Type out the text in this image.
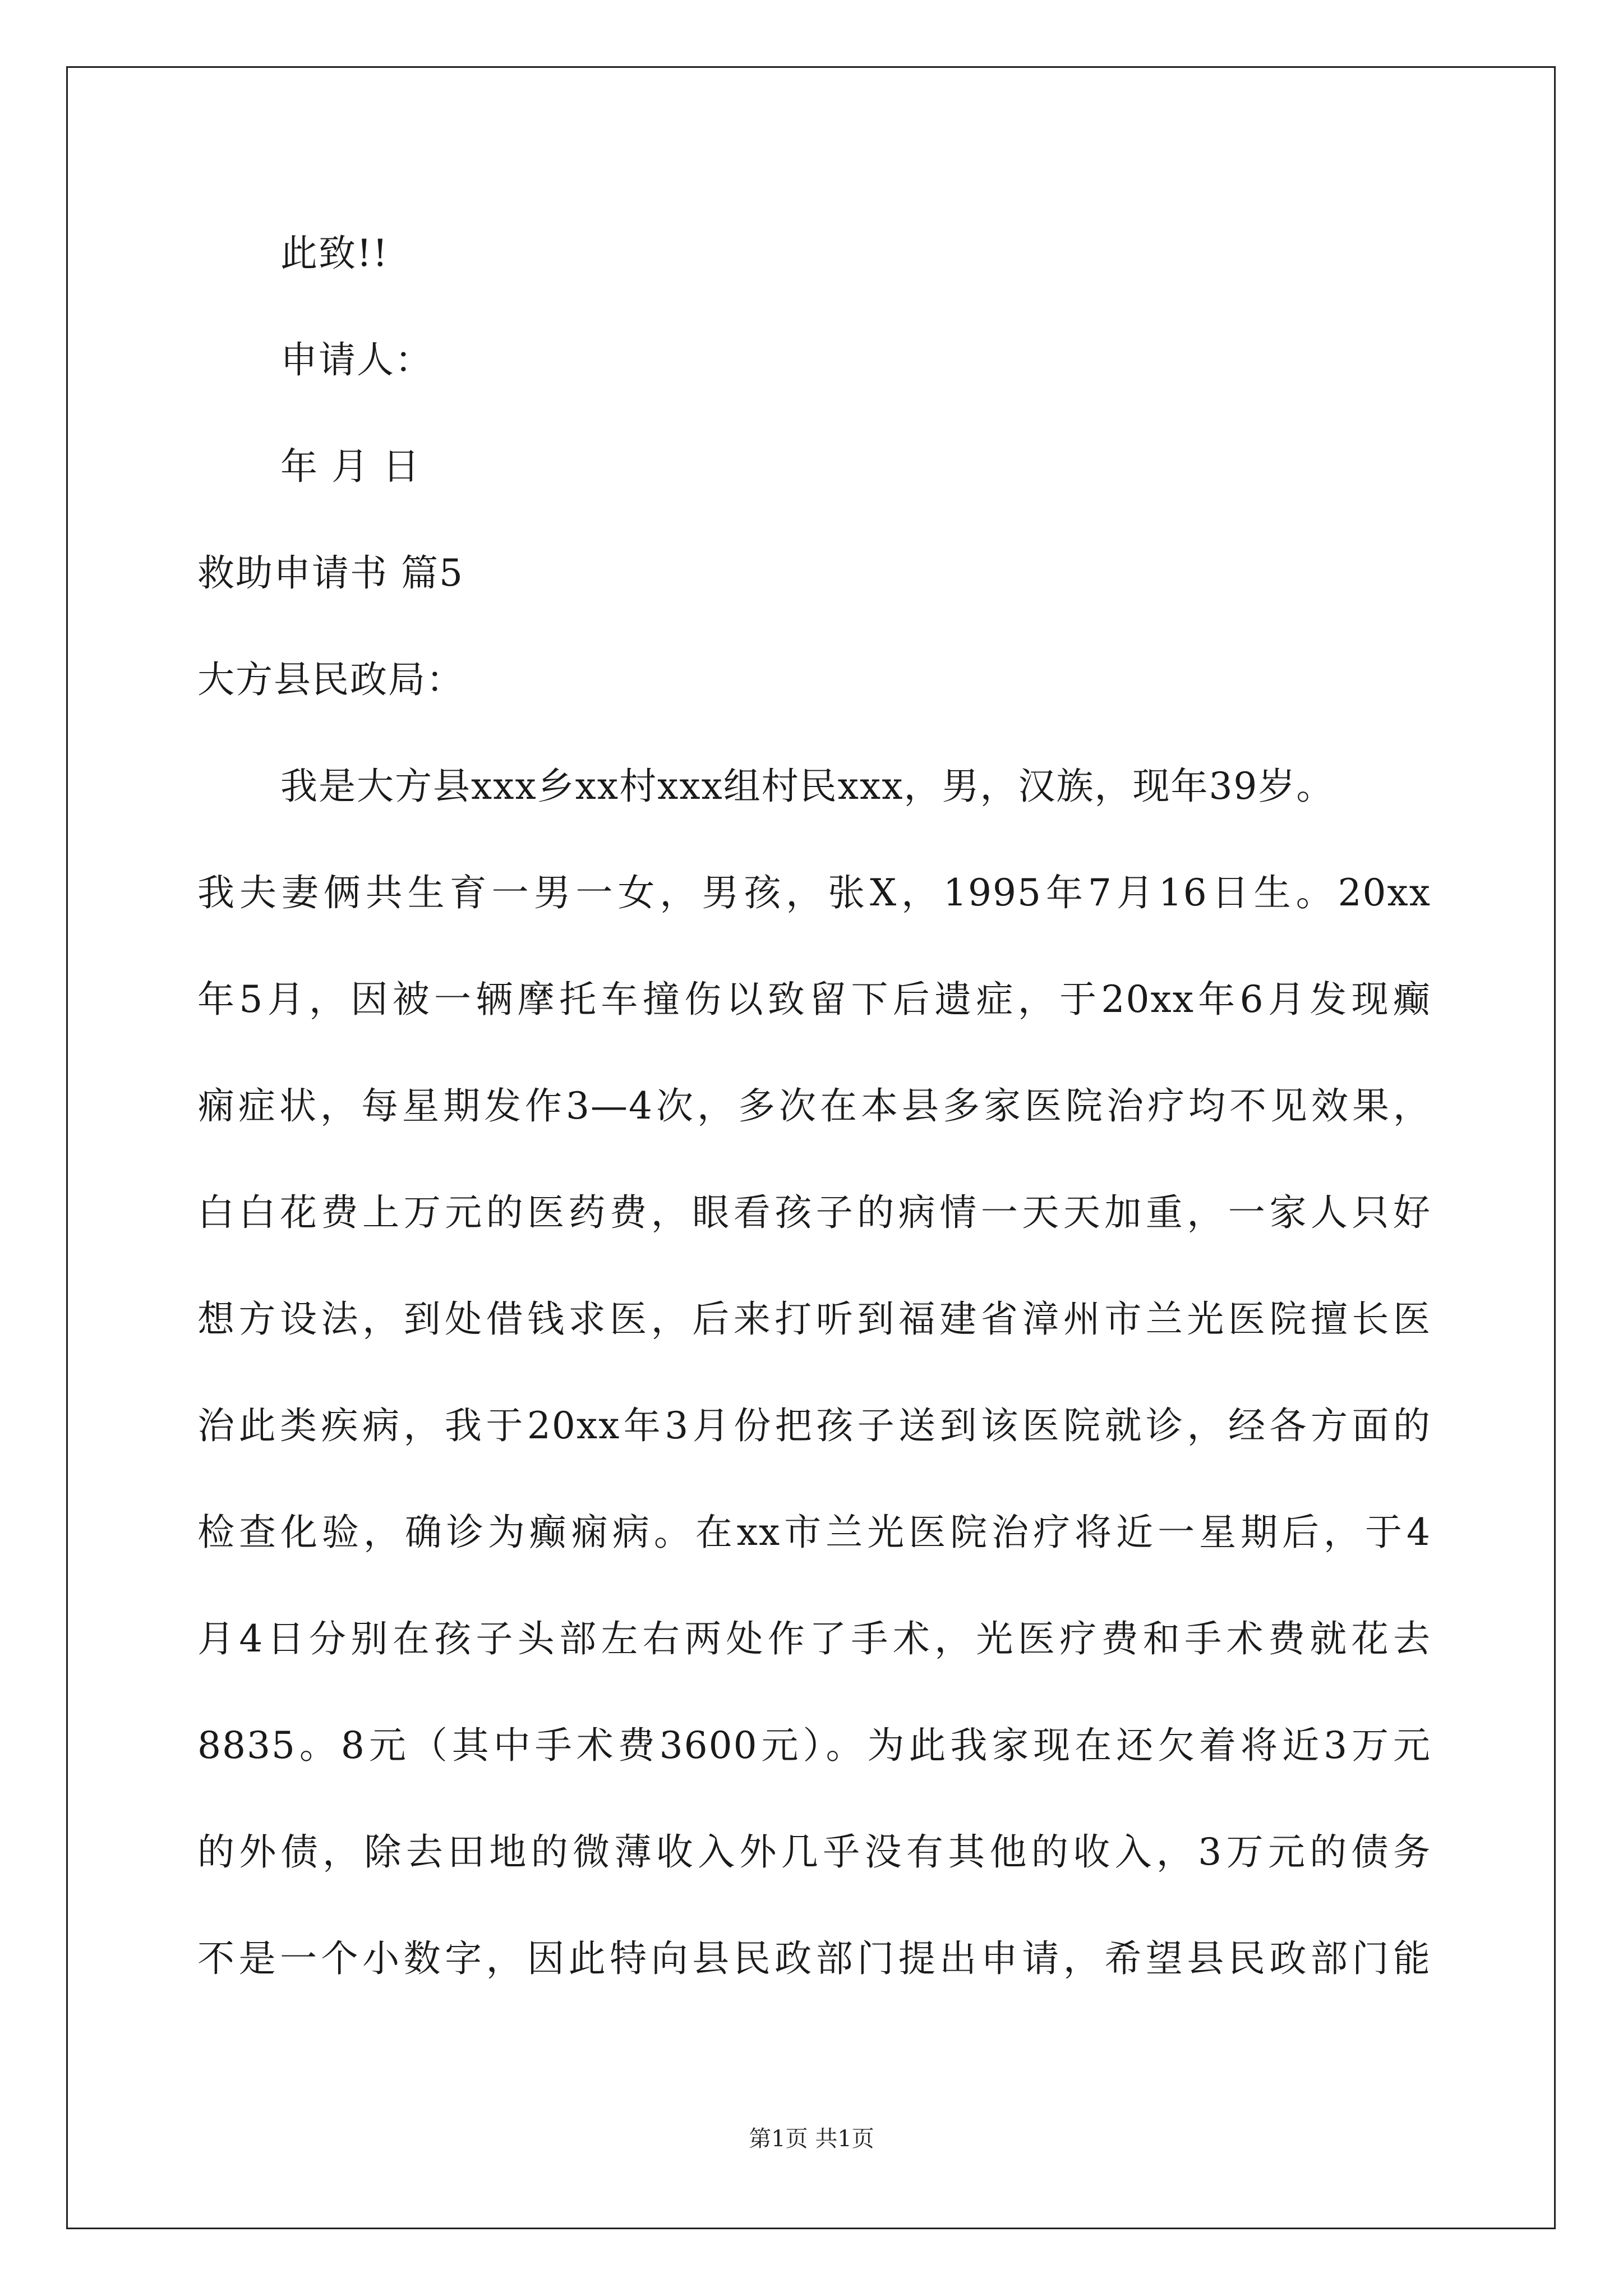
此致!!
申请人：
年 月 日
救助申请书 篇5
大方县民政局：
我是大方县xxx乡xx村xxx组村民xxx，男，汉族，现年39岁。
我夫妻俩共生育一男一女，男孩，张X，1995年7月16日生。20xx
年5月，因被一辆摩托车撞伤以致留下后遗症，于20xx年6月发现癫
痫症状，每星期发作3—4次，多次在本县多家医院治疗均不见效果，
白白花费上万元的医药费，眼看孩子的病情一天天加重，一家人只好
想方设法，到处借钱求医，后来打听到福建省漳州市兰光医院擅长医
治此类疾病，我于20xx年3月份把孩子送到该医院就诊，经各方面的
检查化验，确诊为癫痫病。在xx市兰光医院治疗将近一星期后，于4
月4日分别在孩子头部左右两处作了手术，光医疗费和手术费就花去
8835。8元（其中手术费3600元）。为此我家现在还欠着将近3万元
的外债，除去田地的微薄收入外几乎没有其他的收入，3万元的债务
不是一个小数字，因此特向县民政部门提出申请，希望县民政部门能
第1页 共1页
